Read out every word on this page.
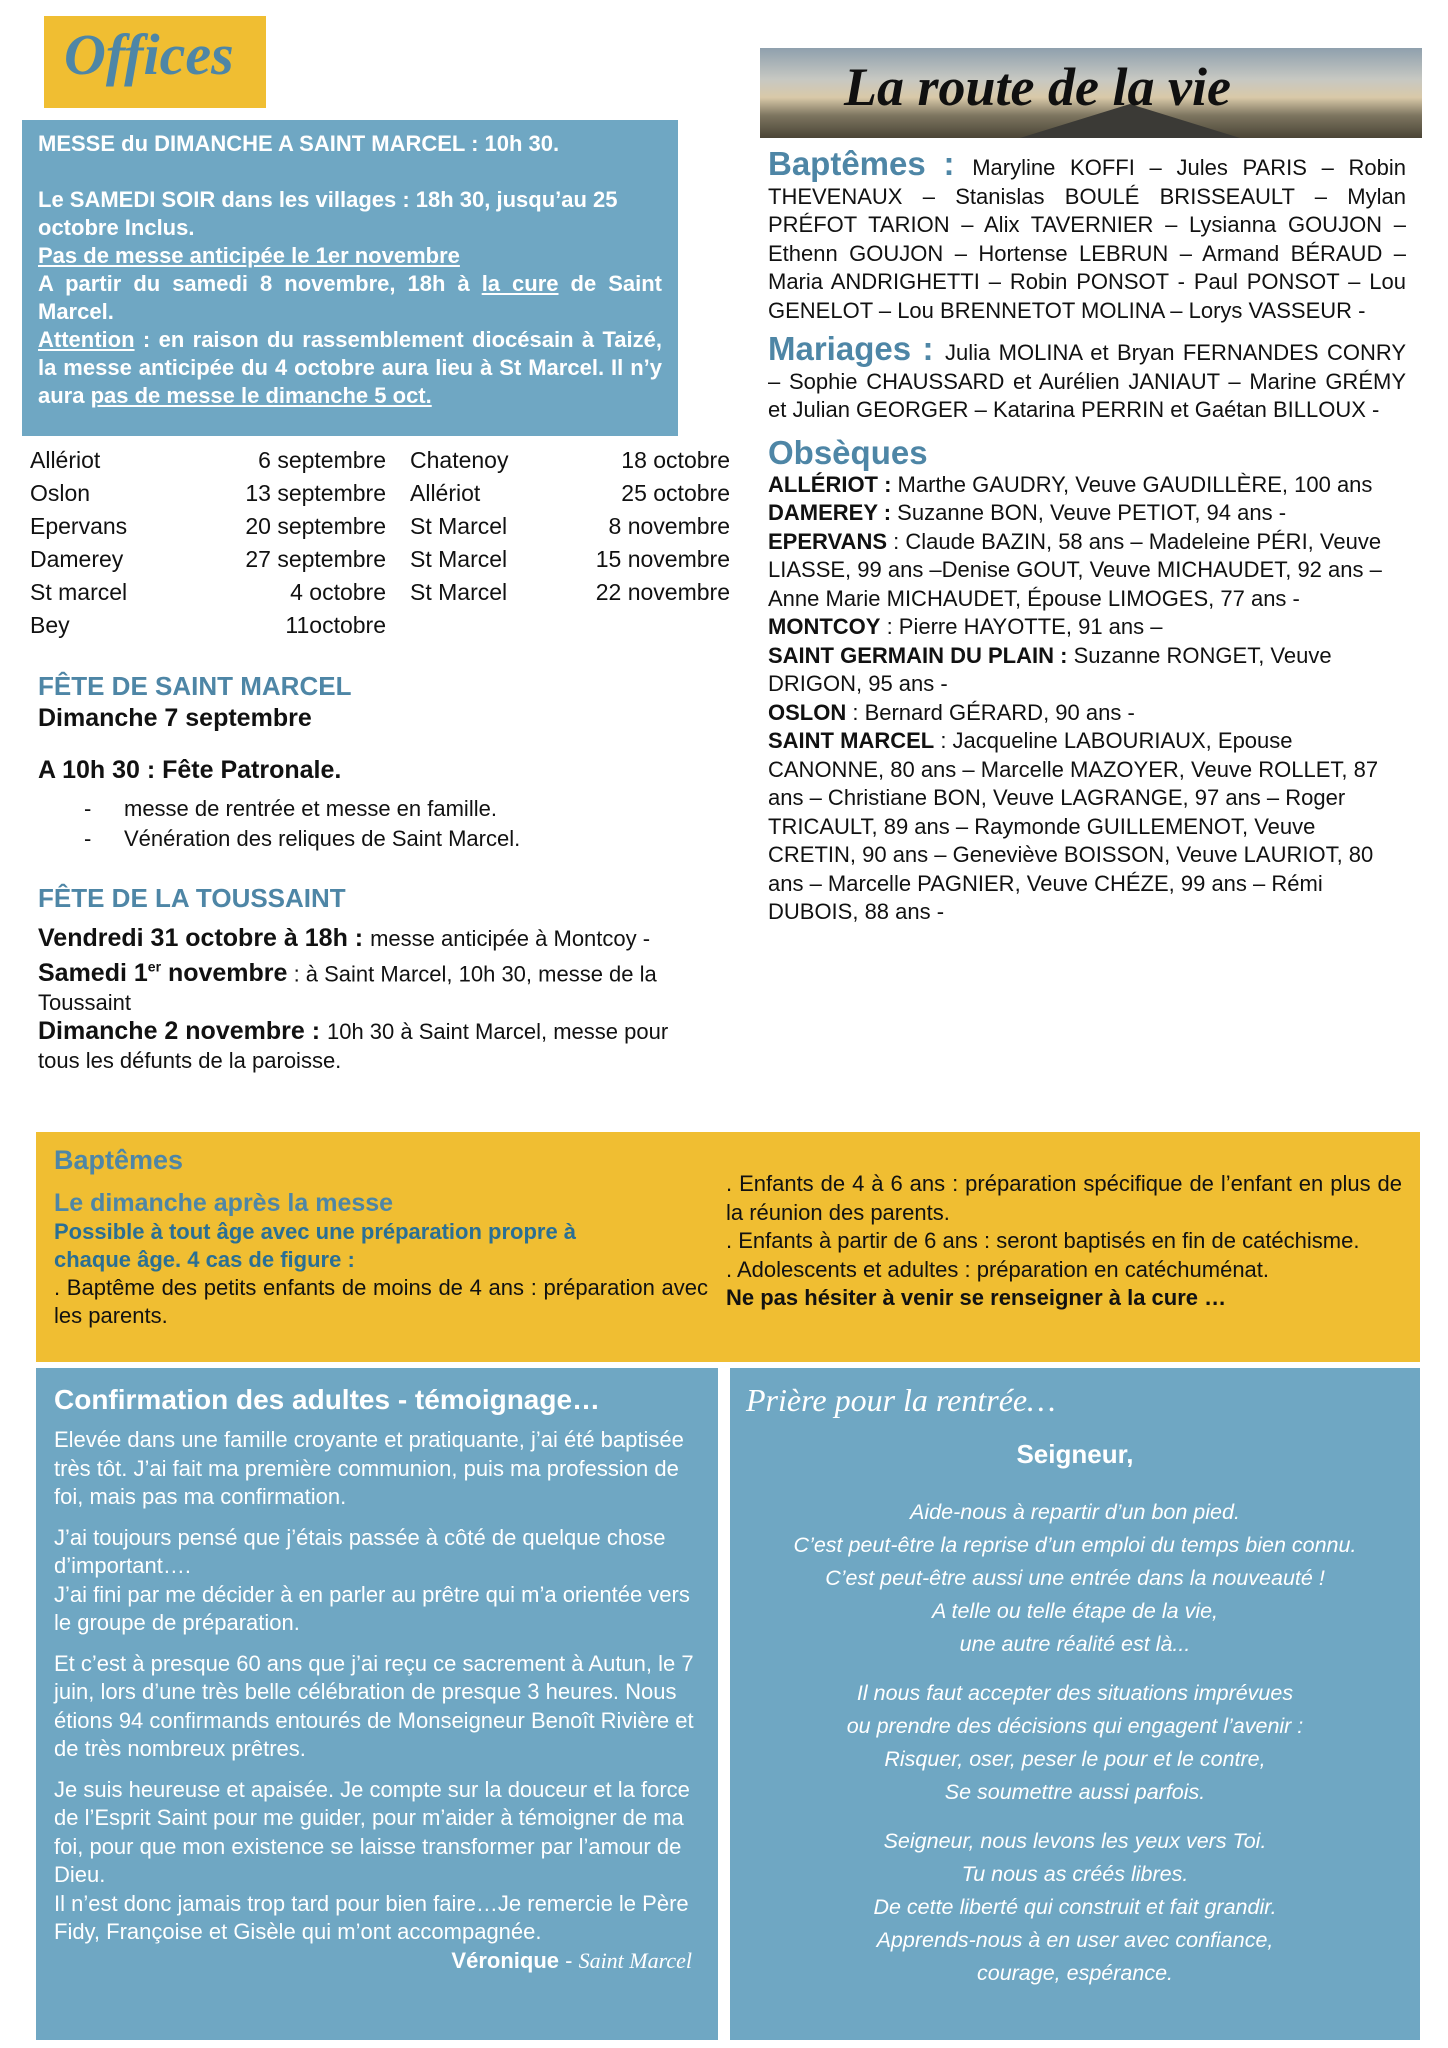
Offices

MESSE du DIMANCHE A SAINT MARCEL : 10h 30.

Le SAMEDI SOIR dans les villages : 18h 30, jusqu’au 25 octobre Inclus.

Pas de messe anticipée le 1er novembre

A partir du samedi 8 novembre, 18h à la cure de Saint Marcel.

Attention : en raison du rassemblement diocésain à Taizé, la messe anticipée du 4 octobre aura lieu à St Marcel. Il n’y aura pas de messe le dimanche 5 oct.

Allériot	6 septembre	Chatenoy	18 octobre
Oslon	13 septembre	Allériot	25 octobre
Epervans	20 septembre	St Marcel	8 novembre
Damerey	27 septembre	St Marcel	15 novembre
St marcel	4 octobre	St Marcel	22 novembre
Bey	11octobre		
FÊTE DE SAINT MARCEL
Dimanche 7 septembre
A 10h 30 : Fête Patronale.
- messe de rentrée et messe en famille.
- Vénération des reliques de Saint Marcel.
FÊTE DE LA TOUSSAINT

Vendredi 31 octobre à 18h : messe anticipée à Montcoy -

Samedi 1er novembre : à Saint Marcel, 10h 30, messe de la Toussaint

Dimanche 2 novembre : 10h 30 à Saint Marcel, messe pour tous les défunts de la paroisse.

La route de la vie

Baptêmes : Maryline KOFFI – Jules PARIS – Robin THEVENAUX – Stanislas BOULÉ BRISSEAULT – Mylan PRÉFOT TARION – Alix TAVERNIER – Lysianna GOUJON – Ethenn GOUJON – Hortense LEBRUN – Armand BÉRAUD – Maria ANDRIGHETTI – Robin PONSOT - Paul PONSOT – Lou GENELOT – Lou BRENNETOT MOLINA – Lorys VASSEUR -

Mariages : Julia MOLINA et Bryan FERNANDES CONRY – Sophie CHAUSSARD et Aurélien JANIAUT – Marine GRÉMY et Julian GEORGER – Katarina PERRIN et Gaétan BILLOUX -

Obsèques

ALLÉRIOT : Marthe GAUDRY, Veuve GAUDILLÈRE, 100 ans

DAMEREY : Suzanne BON, Veuve PETIOT, 94 ans -

EPERVANS : Claude BAZIN, 58 ans – Madeleine PÉRI, Veuve LIASSE, 99 ans –Denise GOUT, Veuve MICHAUDET, 92 ans – Anne Marie MICHAUDET, Épouse LIMOGES, 77 ans -

MONTCOY : Pierre HAYOTTE, 91 ans –

SAINT GERMAIN DU PLAIN : Suzanne RONGET, Veuve DRIGON, 95 ans -

OSLON : Bernard GÉRARD, 90 ans -

SAINT MARCEL : Jacqueline LABOURIAUX, Epouse CANONNE, 80 ans – Marcelle MAZOYER, Veuve ROLLET, 87 ans – Christiane BON, Veuve LAGRANGE, 97 ans – Roger TRICAULT, 89 ans – Raymonde GUILLEMENOT, Veuve CRETIN, 90 ans – Geneviève BOISSON, Veuve LAURIOT, 80 ans – Marcelle PAGNIER, Veuve CHÉZE, 99 ans – Rémi DUBOIS, 88 ans -

Baptêmes

Le dimanche après la messe

Possible à tout âge avec une préparation propre à chaque âge. 4 cas de figure :

. Baptême des petits enfants de moins de 4 ans : préparation avec les parents.

. Enfants de 4 à 6 ans : préparation spécifique de l’enfant en plus de la réunion des parents.

. Enfants à partir de 6 ans : seront baptisés en fin de catéchisme.

. Adolescents et adultes : préparation en catéchuménat.

Ne pas hésiter à venir se renseigner à la cure …

Confirmation des adultes - témoignage…

Elevée dans une famille croyante et pratiquante, j’ai été baptisée très tôt. J’ai fait ma première communion, puis ma profession de foi, mais pas ma confirmation.

J’ai toujours pensé que j’étais passée à côté de quelque chose d’important….

J’ai fini par me décider à en parler au prêtre qui m’a orientée vers le groupe de préparation.

Et c’est à presque 60 ans que j’ai reçu ce sacrement à Autun, le 7 juin, lors d’une très belle célébration de presque 3 heures. Nous étions 94 confirmands entourés de Monseigneur Benoît Rivière et de très nombreux prêtres.

Je suis heureuse et apaisée. Je compte sur la douceur et la force de l’Esprit Saint pour me guider, pour m’aider à témoigner de ma foi, pour que mon existence se laisse transformer par l’amour de Dieu.

Il n’est donc jamais trop tard pour bien faire…Je remercie le Père Fidy, Françoise et Gisèle qui m’ont accompagnée.

Véronique - Saint Marcel

Prière pour la rentrée…

Seigneur,

Aide-nous à repartir d’un bon pied.

C’est peut-être la reprise d’un emploi du temps bien connu.

C’est peut-être aussi une entrée dans la nouveauté !

A telle ou telle étape de la vie,

une autre réalité est là...

Il nous faut accepter des situations imprévues

ou prendre des décisions qui engagent l’avenir :

Risquer, oser, peser le pour et le contre,

Se soumettre aussi parfois.

Seigneur, nous levons les yeux vers Toi.

Tu nous as créés libres.

De cette liberté qui construit et fait grandir.

Apprends-nous à en user avec confiance,

courage, espérance.
